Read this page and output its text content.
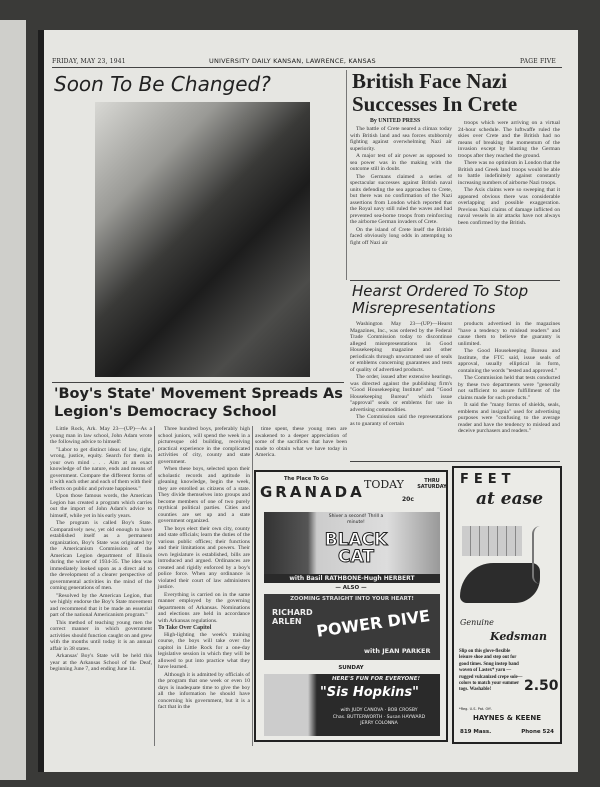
FRIDAY, MAY 23, 1941	UNIVERSITY DAILY KANSAN, LAWRENCE, KANSAS	PAGE FIVE
Soon To Be Changed?	British Face Nazi Successes In Crete
By UNITED PRESS

The battle of Crete neared a climax today with British land and sea forces stubbornly fighting against overwhelming Nazi air superiority.

A major test of air power as opposed to sea power was in the making with the outcome still in doubt.

The Germans claimed a series of spectacular successes against British naval units defending the sea approaches to Crete, but there was no confirmation of the Nazi assertions from London which reported that the Royal navy still ruled the waves and had prevented sea-borne troops from reinforcing the airborne German invaders of Crete.

On the island of Crete itself the British faced obviously long odds in attempting to fight off Nazi air

troops which were arriving on a virtual 24-hour schedule. The luftwaffe ruled the skies over Crete and the British had no means of breaking the momentum of the invasion except by blasting the German troops after they reached the ground.

There was no optimism in London that the British and Greek land troops would be able to battle indefinitely against constantly increasing numbers of airborne Nazi troops.

The Axis claims were so sweeping that it appeared obvious there was considerable overlapping and possible exaggeration. Previous Nazi claims of damage inflicted on naval vessels in air attacks have not always been confirmed by the British.

Hearst Ordered To Stop Misrepresentations

Washington May 23—(UP)—Hearst Magazines, Inc., was ordered by the Federal Trade Commission today to discontinue alleged misrepresentations in Good Housekeeping magazine and other periodicals through unwarranted use of seals or emblems concerning guarantees and tests of quality of advertised products.

The order, issued after extensive hearings, was directed against the publishing firm's "Good Housekeeping Institute" and "Good Housekeeping Bureau" which issue "approval" seals or emblems for use in advertising commodities.

The Commission said the representations as to guaranty of certain

products advertised in the magazines "have a tendency to mislead readers" and cause them to believe the guaranty is unlimited.

The Good Housekeeping Bureau and Institute, the FTC said, issue seals of approval, usually elliptical in form, containing the words "tested and approved."

The Commission held that tests conducted by these two departments were "generally not sufficient to assure fulfillment of the claims made for such products."

It said the "many forms of shields, seals, emblems and insignia" used for advertising purposes were "confusing to the average reader and have the tendency to mislead and deceive purchasers and readers."

'Boy's State' Movement Spreads As Legion's Democracy School

Little Rock, Ark. May 23—(UP)—As a young man in law school, John Adam wrote the following advice to himself:

"Labor to get distinct ideas of law, right, wrong, justice, equity. Search for them in your own mind . . . Aim at an exact knowledge of the nature, ends and means of government. Compare the different forms of it with each other and each of them with their effects on public and private happiness."

Upon those famous words, the American Legion has created a program which carries out the import of John Adam's advice to himself, while yet in his early years.

The program is called Boy's State. Comparatively new, yet old enough to have established itself as a permanent organization, Boy's State was originated by the Americanism Commission of the American Legion department of Illinois during the winter of 1934-35. The idea was immediately looked upon as a direct aid to the development of a clearer perspective of governmental activities in the mind of the coming generations of men.

"Resolved by the American Legion, that we highly endorse the Boy's State movement and recommend that it be made an essential part of the national Americanism program."

This method of teaching young men the correct manner in which government activities should function caught on and grew with the months until today it is an annual affair in 38 states.

Arkansas' Boy's State will be held this year at the Arkansas School of the Deaf, beginning June 7, and ending June 14.

Three hundred boys, preferably high school juniors, will spend the week in a picturesque old building, receiving practical experience in the complicated activities of city, county and state government.

When these boys, selected upon their scholastic records and aptitude in gleaning knowledge, begin the week, they are enrolled as citizens of a state. They divide themselves into groups and become members of one of two purely mythical political parties. Cities and counties are set up and a state government organized.

The boys elect their own city, county and state officials; learn the duties of the various public offices; their functions and their limitations and powers. Their own legislature is established, bills are introduced and argued. Ordinances are created and rigidly enforced by a boy's police force. When any ordinance is violated their court of law administers justice.

Everything is carried on in the same manner employed by the governing departments of Arkansas. Nominations and elections are held in accordance with Arkansas regulations.

To Take Over Capitol

High-lighting the week's training course, the boys will take over the capitol in Little Rock for a one-day legislative session in which they will be allowed to put into practice what they have learned.

Although it is admitted by officials of the program that one week or even 10 days is inadequate time to give the boy all the information he should have concerning his government, but it is a fact that in the

time spent, these young men are awakened to a deeper appreciation of some of the sacrifices that have been made to obtain what we have today in America.

The Place To Go
GRANADA TODAY	THRU SATURDAY
20c
Shiver a second! Thrill a minute!
BLACK CAT
with Basil RATHBONE-Hugh HERBERT
— ALSO —
ZOOMING STRAIGHT INTO YOUR HEART!
RICHARD ARLEN POWER DIVE
with JEAN PARKER
SUNDAY
HERE'S FUN FOR EVERYONE!
"Sis Hopkins"
with JUDY CANOVA · BOB CROSBY
Chas. BUTTERWORTH · Susan HAYWARD
JERRY COLONNA
FEET
at ease
Genuine
Kedsman
Slip on this glove-flexible leisure shoe and step out for good times. Snug instep band woven of Lastex* yarn — rugged vulcanized crepe sole—colors to match your summer togs. Washable!	2.50
*Reg. U.S. Pat. Off.
HAYNES & KEENE
819 Mass.	Phone 524
